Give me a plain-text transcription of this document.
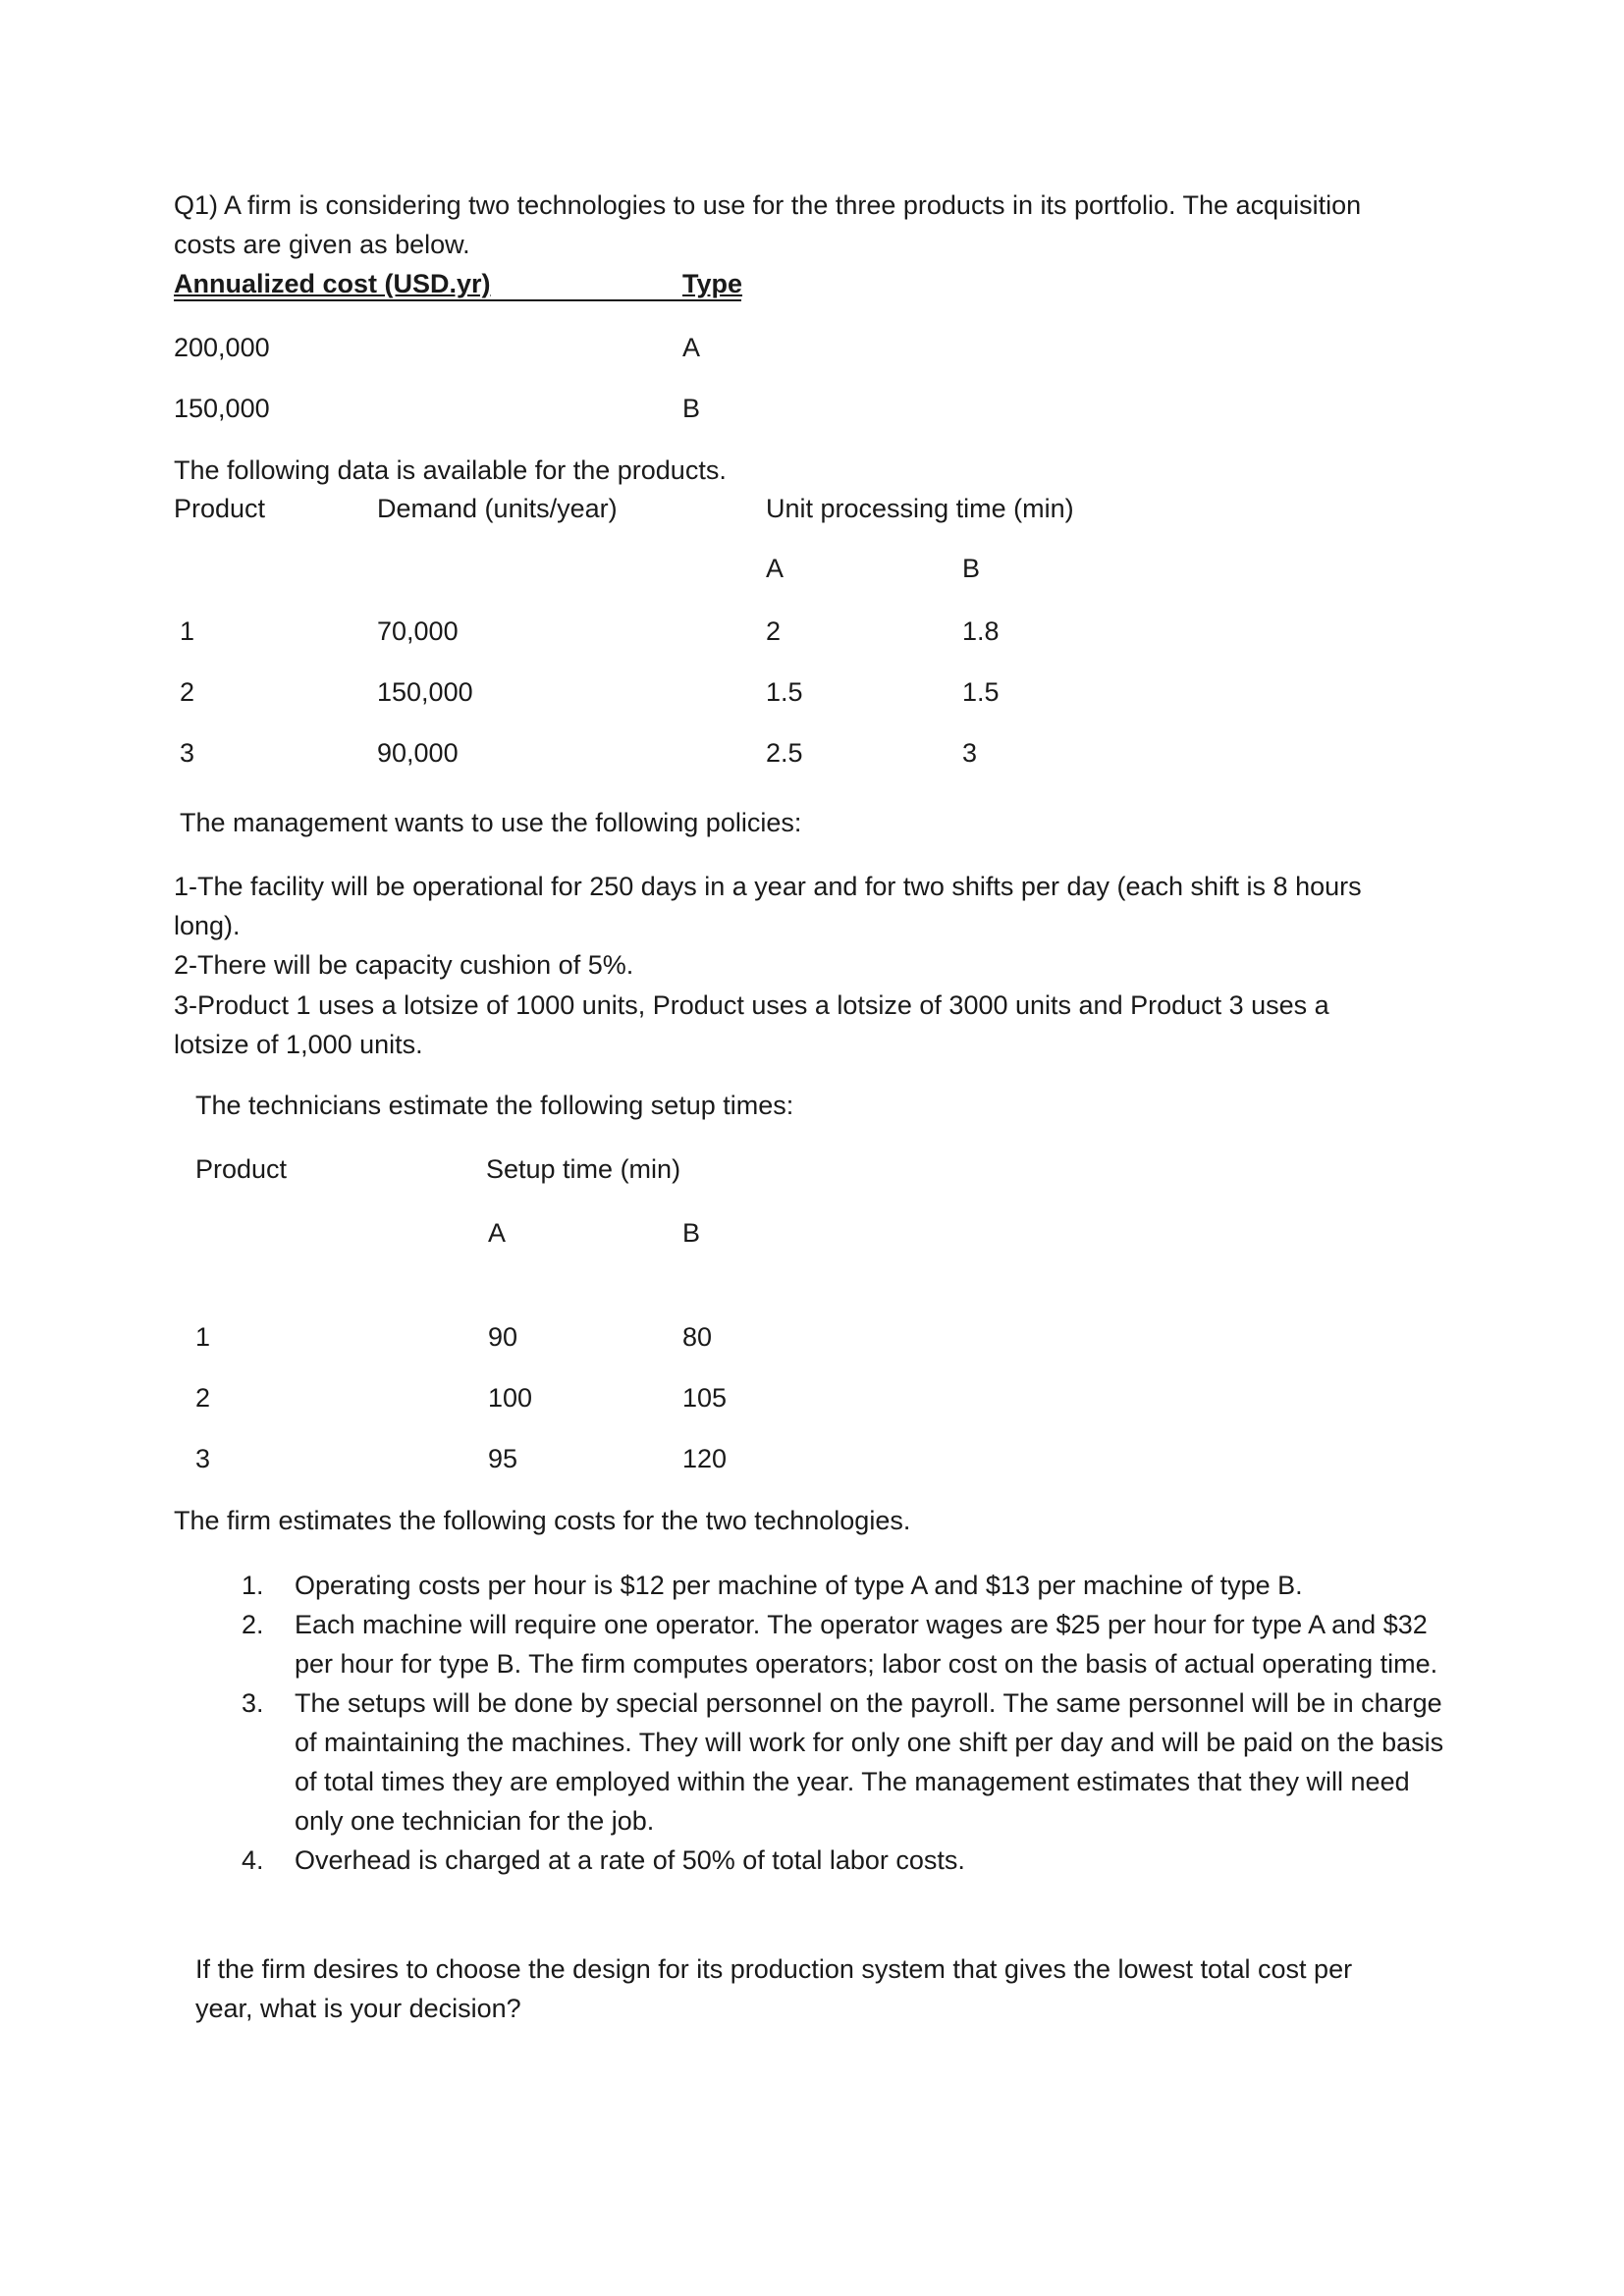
Q1) A firm is considering two technologies to use for the three products in its portfolio. The acquisition
costs are given as below.
Annualized cost (USD.yr)	Type
200,000	A
150,000	B
The following data is available for the products.
Product	Demand (units/year)	Unit processing time (min)
A	B
1	70,000	2	1.8
2	150,000	1.5	1.5
3	90,000	2.5	3
The management wants to use the following policies:
1-The facility will be operational for 250 days in a year and for two shifts per day (each shift is 8 hours
long).
2-There will be capacity cushion of 5%.
3-Product 1 uses a lotsize of 1000 units, Product uses a lotsize of 3000 units and Product 3 uses a
lotsize of 1,000 units.
The technicians estimate the following setup times:
Product	Setup time (min)
A	B
1	90	80
2	100	105
3	95	120
The firm estimates the following costs for the two technologies.
1. Operating costs per hour is $12 per machine of type A and $13 per machine of type B.
2. Each machine will require one operator. The operator wages are $25 per hour for type A and $32 per hour for type B. The firm computes operators; labor cost on the basis of actual operating time.
3. The setups will be done by special personnel on the payroll. The same personnel will be in charge of maintaining the machines. They will work for only one shift per day and will be paid on the basis of total times they are employed within the year. The management estimates that they will need only one technician for the job.
4. Overhead is charged at a rate of 50% of total labor costs.
If the firm desires to choose the design for its production system that gives the lowest total cost per
year, what is your decision?
